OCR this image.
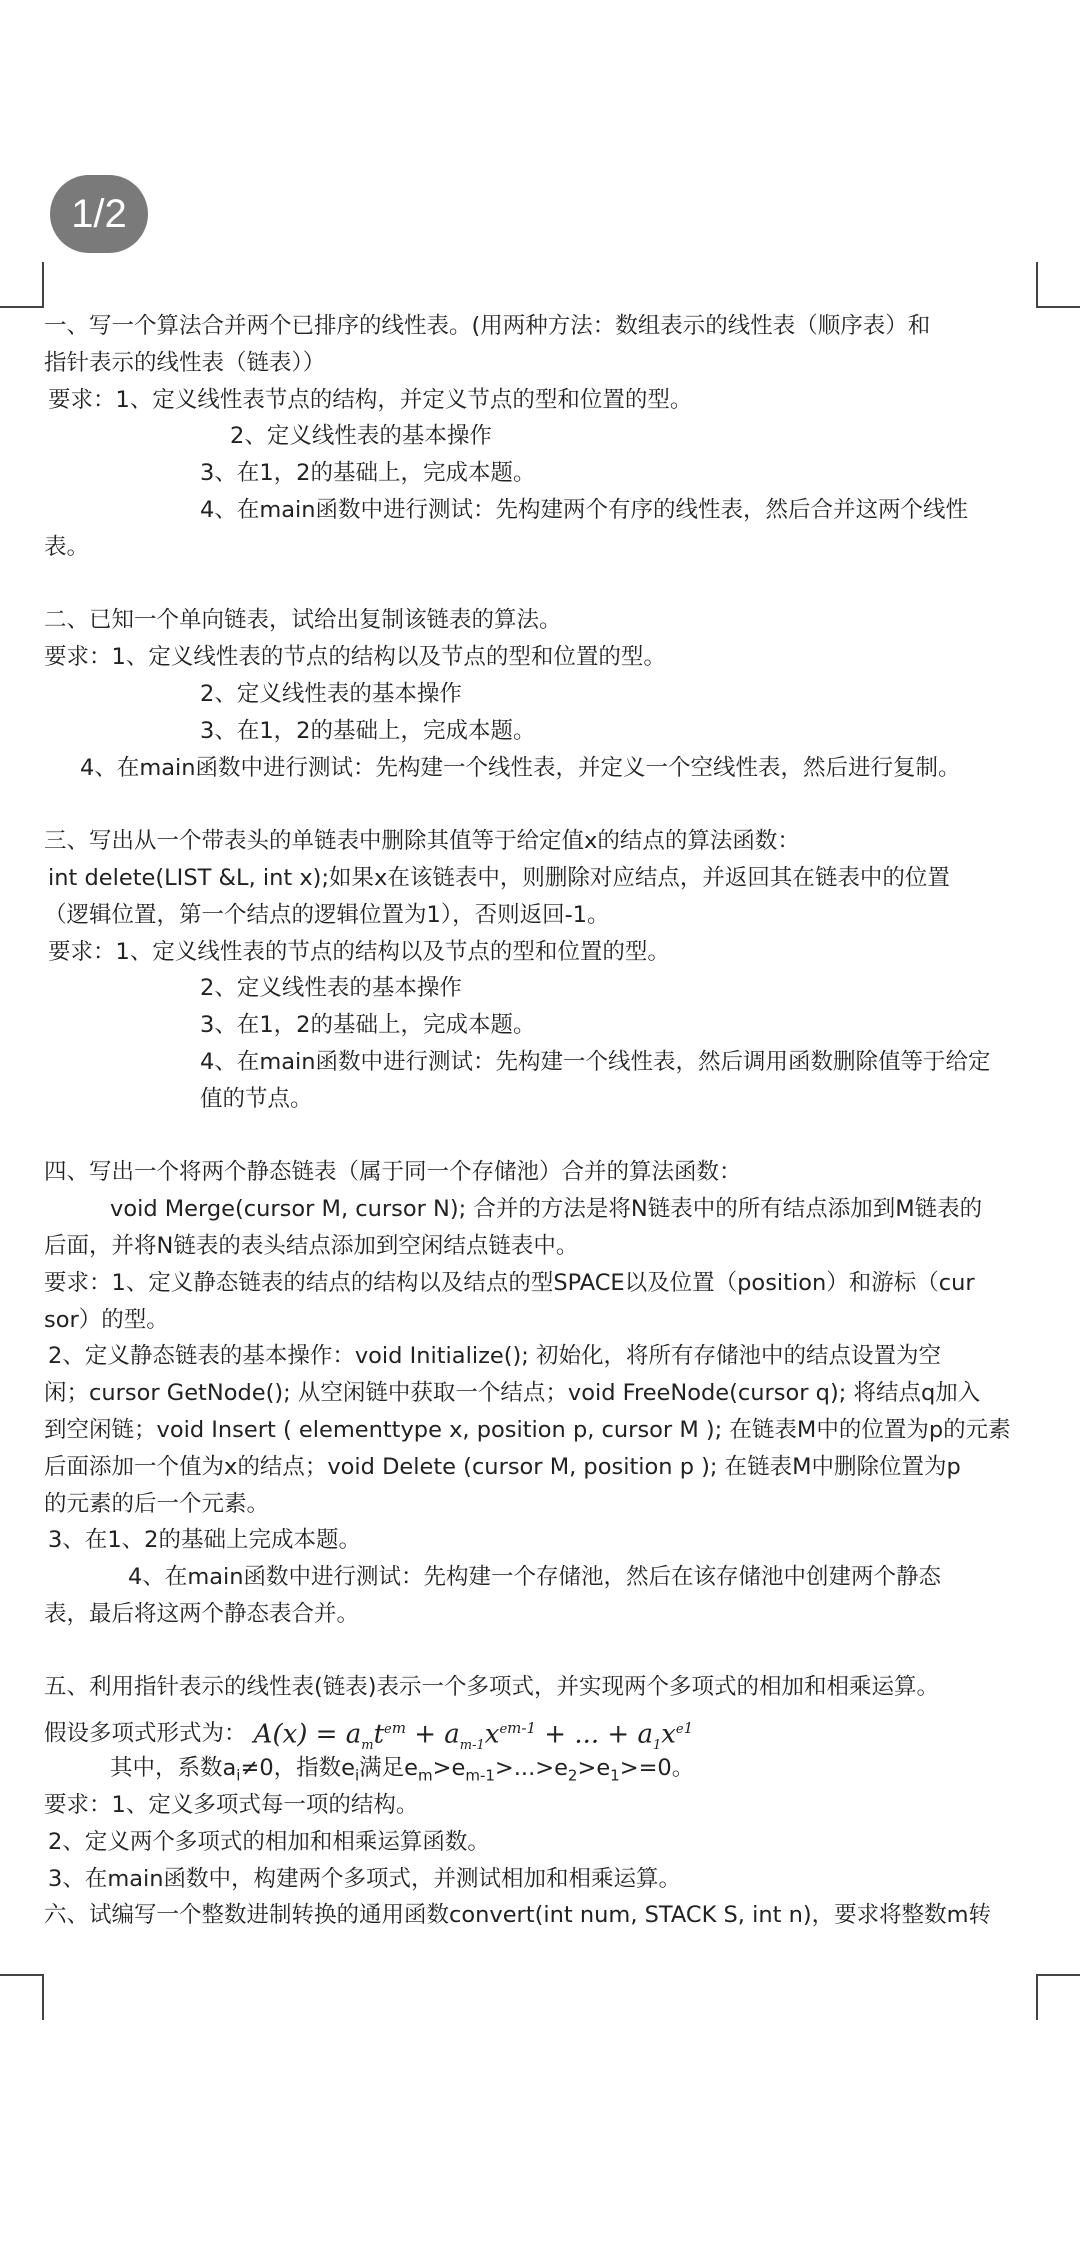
1/2
一、写一个算法合并两个已排序的线性表。(用两种方法：数组表示的线性表（顺序表）和
指针表示的线性表（链表））
要求：1、定义线性表节点的结构，并定义节点的型和位置的型。
2、定义线性表的基本操作
3、在1，2的基础上，完成本题。
4、在main函数中进行测试：先构建两个有序的线性表，然后合并这两个线性
表。
二、已知一个单向链表，试给出复制该链表的算法。
要求：1、定义线性表的节点的结构以及节点的型和位置的型。
2、定义线性表的基本操作
3、在1，2的基础上，完成本题。
4、在main函数中进行测试：先构建一个线性表，并定义一个空线性表，然后进行复制。
三、写出从一个带表头的单链表中删除其值等于给定值x的结点的算法函数：
int delete(LIST &L, int x);如果x在该链表中，则删除对应结点，并返回其在链表中的位置
（逻辑位置，第一个结点的逻辑位置为1），否则返回-1。
要求：1、定义线性表的节点的结构以及节点的型和位置的型。
2、定义线性表的基本操作
3、在1，2的基础上，完成本题。
4、在main函数中进行测试：先构建一个线性表，然后调用函数删除值等于给定
值的节点。
四、写出一个将两个静态链表（属于同一个存储池）合并的算法函数：
void Merge(cursor M, cursor N); 合并的方法是将N链表中的所有结点添加到M链表的
后面，并将N链表的表头结点添加到空闲结点链表中。
要求：1、定义静态链表的结点的结构以及结点的型SPACE以及位置（position）和游标（cur
sor）的型。
2、定义静态链表的基本操作：void Initialize(); 初始化，将所有存储池中的结点设置为空
闲；cursor GetNode(); 从空闲链中获取一个结点；void FreeNode(cursor q); 将结点q加入
到空闲链；void Insert ( elementtype x, position p, cursor M ); 在链表M中的位置为p的元素
后面添加一个值为x的结点；void Delete (cursor M, position p ); 在链表M中删除位置为p
的元素的后一个元素。
3、在1、2的基础上完成本题。
4、在main函数中进行测试：先构建一个存储池，然后在该存储池中创建两个静态
表，最后将这两个静态表合并。
五、利用指针表示的线性表(链表)表示一个多项式，并实现两个多项式的相加和相乘运算。
假设多项式形式为： $A(x) = a_mt^{em} + a_{m-1}x^{em-1}$ + ... + $a_1x^{e1}$
其中，系数$a_i\ne 0$，指数$e_i$满足$e_m>e_{m-1}>...>e_2>e_1>=0$。
要求：1、定义多项式每一项的结构。
2、定义两个多项式的相加和相乘运算函数。
3、在main函数中，构建两个多项式，并测试相加和相乘运算。
六、试编写一个整数进制转换的通用函数convert(int num, STACK S, int n)，要求将整数m转
